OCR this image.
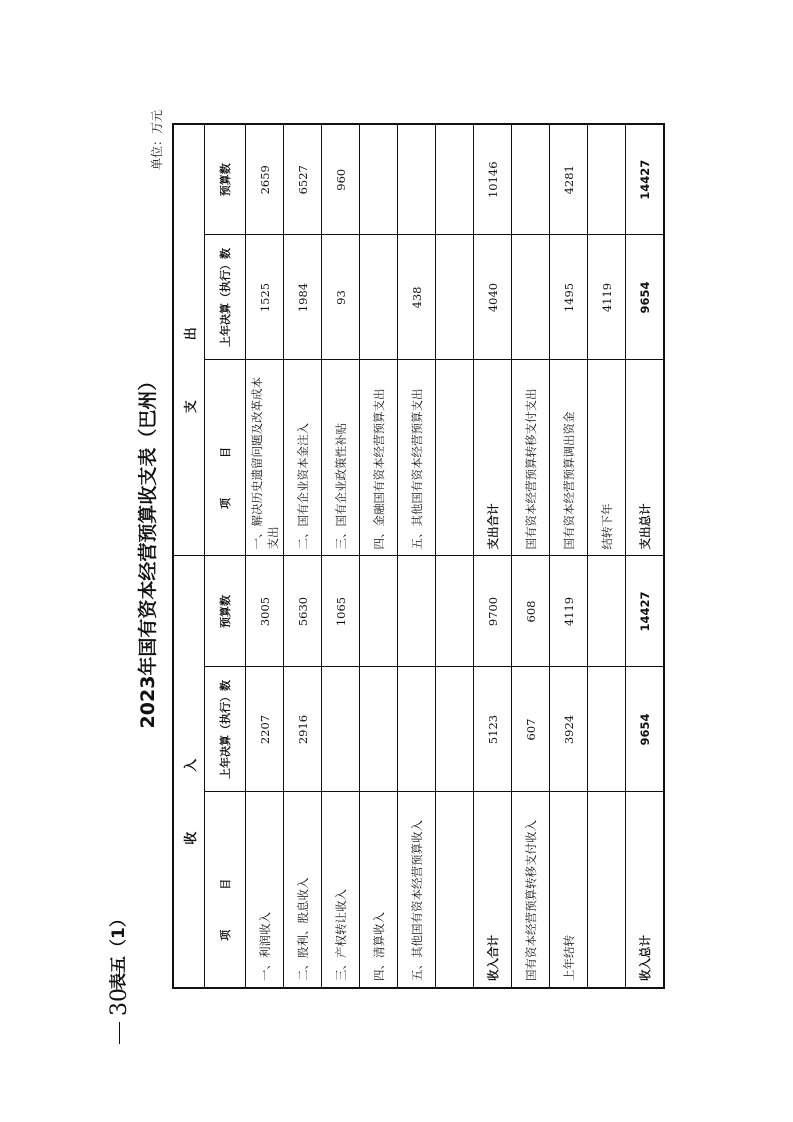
30
表五（1）
2023年国有资本经营预算收支表（巴州）
单位：万元
收入			支出		
项目	上年决算（执行）数	预算数	项目	上年决算（执行）数	预算数
一、利润收入	2207	3005	一、解决历史遗留问题及改革成本支出	1525	2659
二、股利、股息收入	2916	5630	二、国有企业资本金注入	1984	6527
三、产权转让收入		1065	三、国有企业政策性补贴	93	960
四、清算收入			四、金融国有资本经营预算支出		
五、其他国有资本经营预算收入			五、其他国有资本经营预算支出	438	

收入合计	5123	9700	支出合计	4040	10146
国有资本经营预算转移支付收入	607	608	国有资本经营预算转移支付支出		
上年结转	3924	4119	国有资本经营预算调出资金	1495	4281
			结转下年	4119	
收入总计	9654	14427	支出总计	9654	14427
